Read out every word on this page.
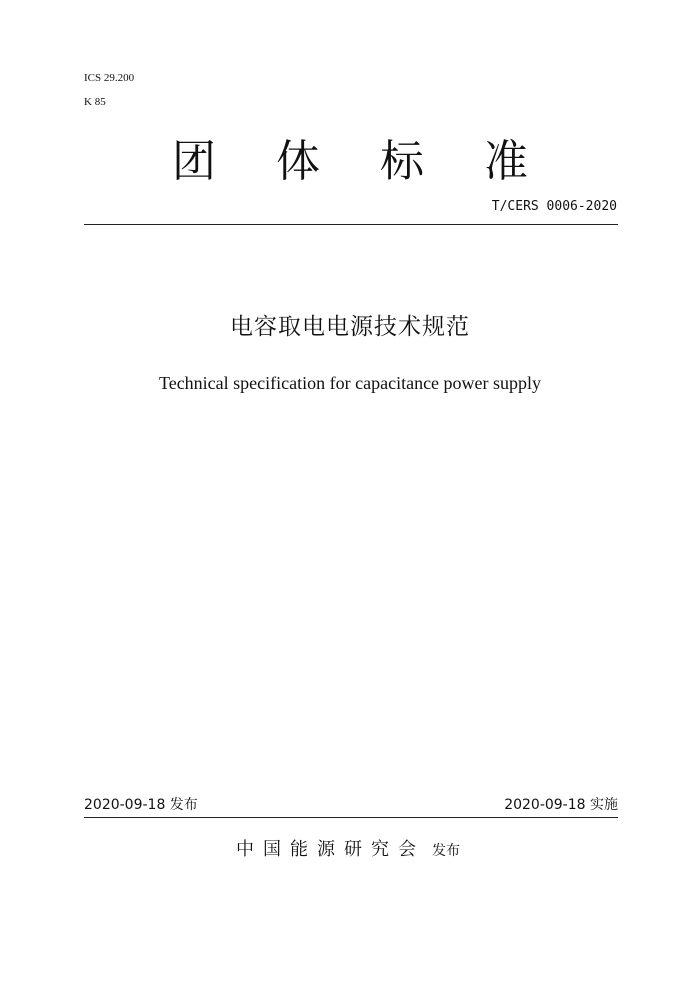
ICS 29.200
K 85
团 体 标 准
T/CERS 0006-2020
电容取电电源技术规范
Technical specification for capacitance power supply
2020-09-18 发布	2020-09-18 实施
中国能源研究会 发布
